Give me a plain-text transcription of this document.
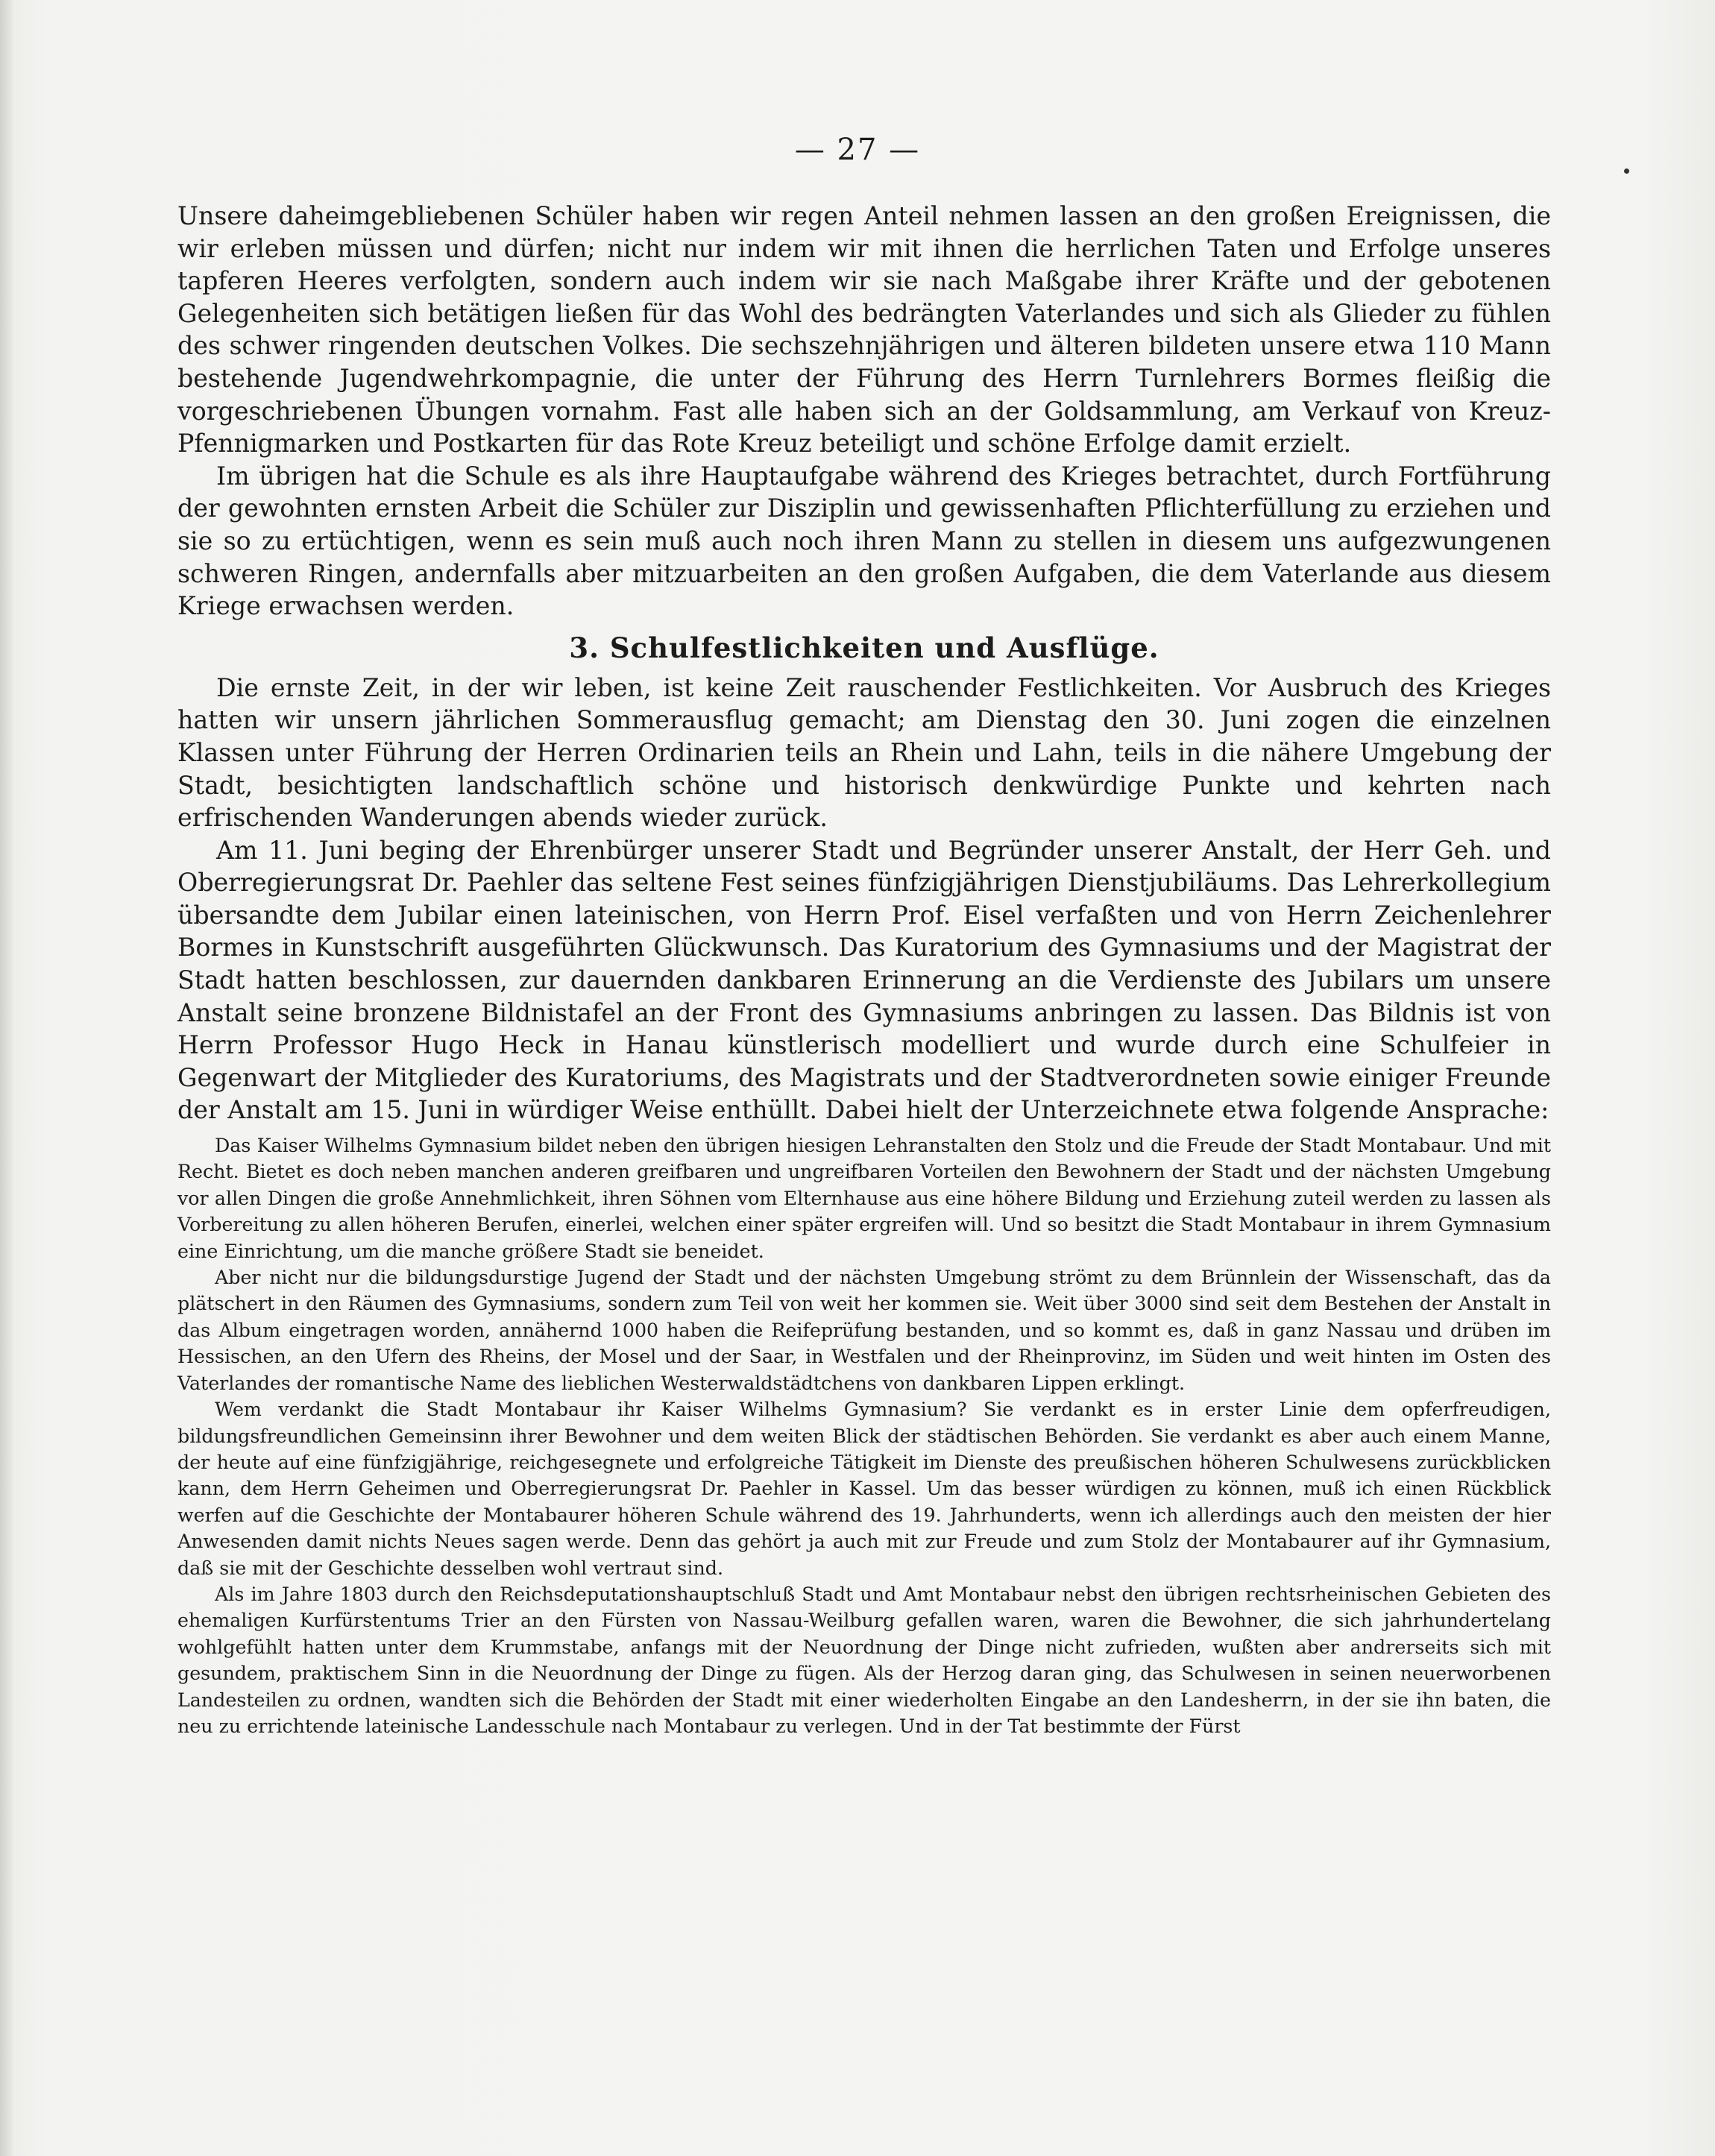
— 27 —

Unsere daheimgebliebenen Schüler haben wir regen Anteil nehmen lassen an den großen Ereignissen, die wir erleben müssen und dürfen; nicht nur indem wir mit ihnen die herrlichen Taten und Erfolge unseres tapferen Heeres verfolgten, sondern auch indem wir sie nach Maßgabe ihrer Kräfte und der gebotenen Gelegenheiten sich betätigen ließen für das Wohl des bedrängten Vaterlandes und sich als Glieder zu fühlen des schwer ringenden deutschen Volkes. Die sechszehnjährigen und älteren bildeten unsere etwa 110 Mann bestehende Jugendwehrkompagnie, die unter der Führung des Herrn Turnlehrers Bormes fleißig die vorgeschriebenen Übungen vornahm. Fast alle haben sich an der Goldsammlung, am Verkauf von Kreuz-Pfennigmarken und Postkarten für das Rote Kreuz beteiligt und schöne Erfolge damit erzielt.

Im übrigen hat die Schule es als ihre Hauptaufgabe während des Krieges betrachtet, durch Fortführung der gewohnten ernsten Arbeit die Schüler zur Disziplin und gewissenhaften Pflichterfüllung zu erziehen und sie so zu ertüchtigen, wenn es sein muß auch noch ihren Mann zu stellen in diesem uns aufgezwungenen schweren Ringen, andernfalls aber mitzuarbeiten an den großen Aufgaben, die dem Vaterlande aus diesem Kriege erwachsen werden.

3. Schulfestlichkeiten und Ausflüge.

Die ernste Zeit, in der wir leben, ist keine Zeit rauschender Festlichkeiten. Vor Ausbruch des Krieges hatten wir unsern jährlichen Sommerausflug gemacht; am Dienstag den 30. Juni zogen die einzelnen Klassen unter Führung der Herren Ordinarien teils an Rhein und Lahn, teils in die nähere Umgebung der Stadt, besichtigten landschaftlich schöne und historisch denkwürdige Punkte und kehrten nach erfrischenden Wanderungen abends wieder zurück.

Am 11. Juni beging der Ehrenbürger unserer Stadt und Begründer unserer Anstalt, der Herr Geh. und Oberregierungsrat Dr. Paehler das seltene Fest seines fünfzigjährigen Dienstjubiläums. Das Lehrerkollegium übersandte dem Jubilar einen lateinischen, von Herrn Prof. Eisel verfaßten und von Herrn Zeichenlehrer Bormes in Kunstschrift ausgeführten Glückwunsch. Das Kuratorium des Gymnasiums und der Magistrat der Stadt hatten beschlossen, zur dauernden dankbaren Erinnerung an die Verdienste des Jubilars um unsere Anstalt seine bronzene Bildnistafel an der Front des Gymnasiums anbringen zu lassen. Das Bildnis ist von Herrn Professor Hugo Heck in Hanau künstlerisch modelliert und wurde durch eine Schulfeier in Gegenwart der Mitglieder des Kuratoriums, des Magistrats und der Stadtverordneten sowie einiger Freunde der Anstalt am 15. Juni in würdiger Weise enthüllt. Dabei hielt der Unterzeichnete etwa folgende Ansprache:

Das Kaiser Wilhelms Gymnasium bildet neben den übrigen hiesigen Lehranstalten den Stolz und die Freude der Stadt Montabaur. Und mit Recht. Bietet es doch neben manchen anderen greifbaren und ungreifbaren Vorteilen den Bewohnern der Stadt und der nächsten Umgebung vor allen Dingen die große Annehmlichkeit, ihren Söhnen vom Elternhause aus eine höhere Bildung und Erziehung zuteil werden zu lassen als Vorbereitung zu allen höheren Berufen, einerlei, welchen einer später ergreifen will. Und so besitzt die Stadt Montabaur in ihrem Gymnasium eine Einrichtung, um die manche größere Stadt sie beneidet.

Aber nicht nur die bildungsdurstige Jugend der Stadt und der nächsten Umgebung strömt zu dem Brünnlein der Wissenschaft, das da plätschert in den Räumen des Gymnasiums, sondern zum Teil von weit her kommen sie. Weit über 3000 sind seit dem Bestehen der Anstalt in das Album eingetragen worden, annähernd 1000 haben die Reifeprüfung bestanden, und so kommt es, daß in ganz Nassau und drüben im Hessischen, an den Ufern des Rheins, der Mosel und der Saar, in Westfalen und der Rheinprovinz, im Süden und weit hinten im Osten des Vaterlandes der romantische Name des lieblichen Westerwaldstädtchens von dankbaren Lippen erklingt.

Wem verdankt die Stadt Montabaur ihr Kaiser Wilhelms Gymnasium? Sie verdankt es in erster Linie dem opferfreudigen, bildungsfreundlichen Gemeinsinn ihrer Bewohner und dem weiten Blick der städtischen Behörden. Sie verdankt es aber auch einem Manne, der heute auf eine fünfzigjährige, reichgesegnete und erfolgreiche Tätigkeit im Dienste des preußischen höheren Schulwesens zurückblicken kann, dem Herrn Geheimen und Oberregierungsrat Dr. Paehler in Kassel. Um das besser würdigen zu können, muß ich einen Rückblick werfen auf die Geschichte der Montabaurer höheren Schule während des 19. Jahrhunderts, wenn ich allerdings auch den meisten der hier Anwesenden damit nichts Neues sagen werde. Denn das gehört ja auch mit zur Freude und zum Stolz der Montabaurer auf ihr Gymnasium, daß sie mit der Geschichte desselben wohl vertraut sind.

Als im Jahre 1803 durch den Reichsdeputationshauptschluß Stadt und Amt Montabaur nebst den übrigen rechtsrheinischen Gebieten des ehemaligen Kurfürstentums Trier an den Fürsten von Nassau-Weilburg gefallen waren, waren die Bewohner, die sich jahrhundertelang wohlgefühlt hatten unter dem Krummstabe, anfangs mit der Neuordnung der Dinge nicht zufrieden, wußten aber andrerseits sich mit gesundem, praktischem Sinn in die Neuordnung der Dinge zu fügen. Als der Herzog daran ging, das Schulwesen in seinen neuerworbenen Landesteilen zu ordnen, wandten sich die Behörden der Stadt mit einer wiederholten Eingabe an den Landesherrn, in der sie ihn baten, die neu zu errichtende lateinische Landesschule nach Montabaur zu verlegen. Und in der Tat bestimmte der Fürst
